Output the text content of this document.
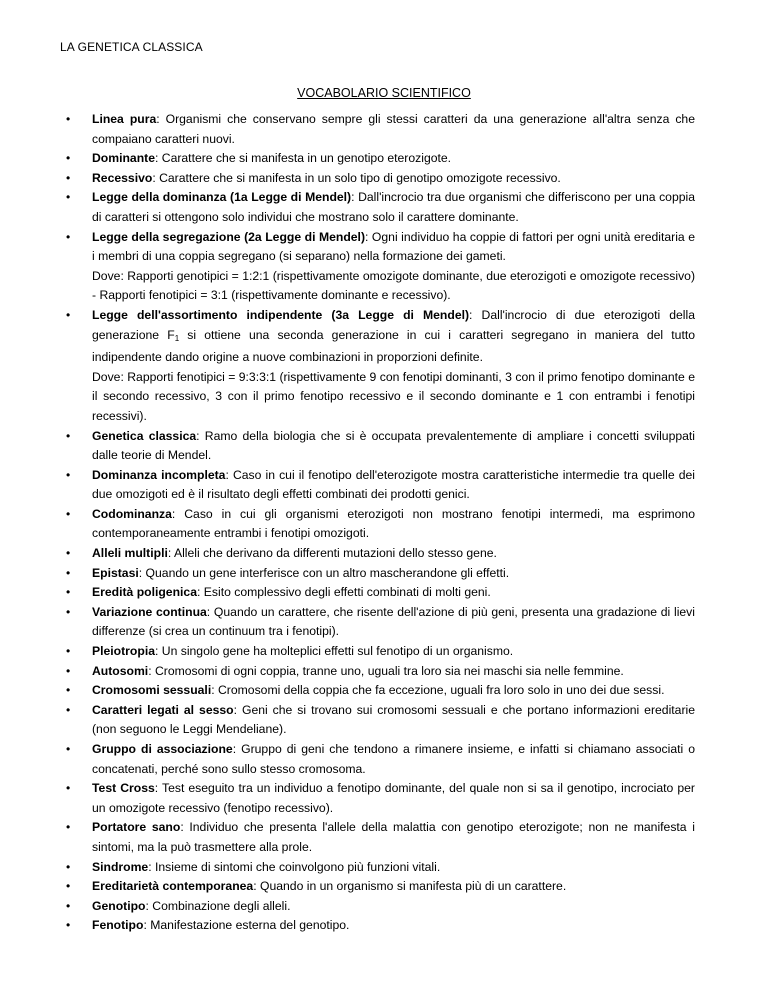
LA GENETICA CLASSICA
VOCABOLARIO SCIENTIFICO
• Linea pura: Organismi che conservano sempre gli stessi caratteri da una generazione all'altra senza che compaiano caratteri nuovi.
• Dominante: Carattere che si manifesta in un genotipo eterozigote.
• Recessivo: Carattere che si manifesta in un solo tipo di genotipo omozigote recessivo.
• Legge della dominanza (1a Legge di Mendel): Dall'incrocio tra due organismi che differiscono per una coppia di caratteri si ottengono solo individui che mostrano solo il carattere dominante.
• Legge della segregazione (2a Legge di Mendel): Ogni individuo ha coppie di fattori per ogni unità ereditaria e i membri di una coppia segregano (si separano) nella formazione dei gameti.
Dove: Rapporti genotipici = 1:2:1 (rispettivamente omozigote dominante, due eterozigoti e omozigote recessivo) - Rapporti fenotipici = 3:1 (rispettivamente dominante e recessivo).
• Legge dell'assortimento indipendente (3a Legge di Mendel): Dall'incrocio di due eterozigoti della generazione $F_1$ si ottiene una seconda generazione in cui i caratteri segregano in maniera del tutto indipendente dando origine a nuove combinazioni in proporzioni definite.
Dove: Rapporti fenotipici = 9:3:3:1 (rispettivamente 9 con fenotipi dominanti, 3 con il primo fenotipo dominante e il secondo recessivo, 3 con il primo fenotipo recessivo e il secondo dominante e 1 con entrambi i fenotipi recessivi).
• Genetica classica: Ramo della biologia che si è occupata prevalentemente di ampliare i concetti sviluppati dalle teorie di Mendel.
• Dominanza incompleta: Caso in cui il fenotipo dell'eterozigote mostra caratteristiche intermedie tra quelle dei due omozigoti ed è il risultato degli effetti combinati dei prodotti genici.
• Codominanza: Caso in cui gli organismi eterozigoti non mostrano fenotipi intermedi, ma esprimono contemporaneamente entrambi i fenotipi omozigoti.
• Alleli multipli: Alleli che derivano da differenti mutazioni dello stesso gene.
• Epistasi: Quando un gene interferisce con un altro mascherandone gli effetti.
• Eredità poligenica: Esito complessivo degli effetti combinati di molti geni.
• Variazione continua: Quando un carattere, che risente dell'azione di più geni, presenta una gradazione di lievi differenze (si crea un continuum tra i fenotipi).
• Pleiotropia: Un singolo gene ha molteplici effetti sul fenotipo di un organismo.
• Autosomi: Cromosomi di ogni coppia, tranne uno, uguali tra loro sia nei maschi sia nelle femmine.
• Cromosomi sessuali: Cromosomi della coppia che fa eccezione, uguali fra loro solo in uno dei due sessi.
• Caratteri legati al sesso: Geni che si trovano sui cromosomi sessuali e che portano informazioni ereditarie (non seguono le Leggi Mendeliane).
• Gruppo di associazione: Gruppo di geni che tendono a rimanere insieme, e infatti si chiamano associati o concatenati, perché sono sullo stesso cromosoma.
• Test Cross: Test eseguito tra un individuo a fenotipo dominante, del quale non si sa il genotipo, incrociato per un omozigote recessivo (fenotipo recessivo).
• Portatore sano: Individuo che presenta l'allele della malattia con genotipo eterozigote; non ne manifesta i sintomi, ma la può trasmettere alla prole.
• Sindrome: Insieme di sintomi che coinvolgono più funzioni vitali.
• Ereditarietà contemporanea: Quando in un organismo si manifesta più di un carattere.
• Genotipo: Combinazione degli alleli.
• Fenotipo: Manifestazione esterna del genotipo.
